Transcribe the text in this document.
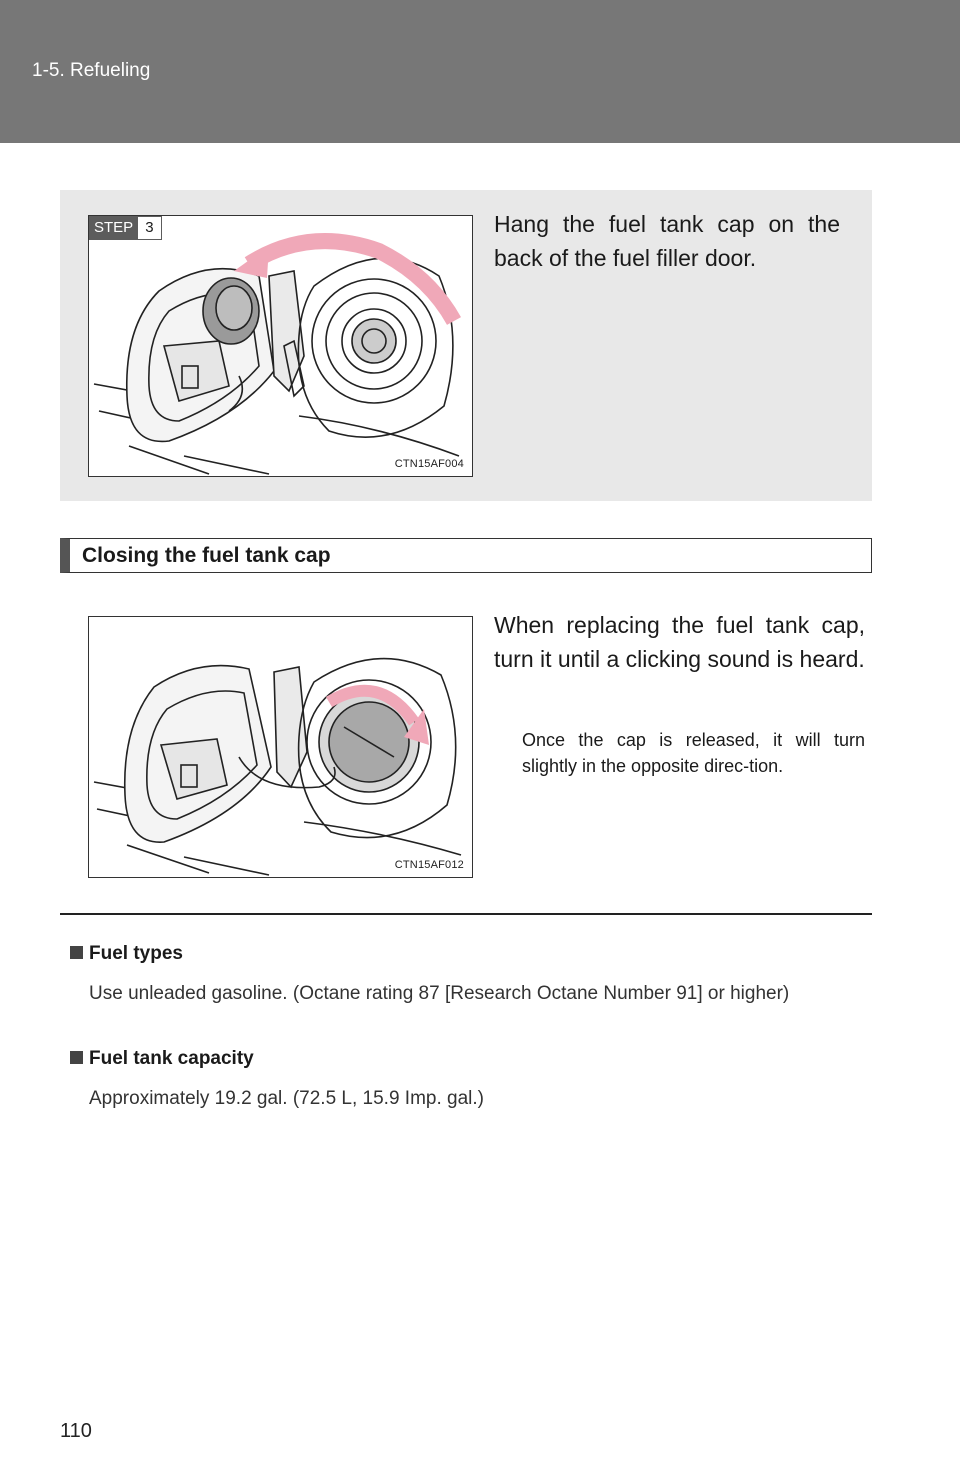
1-5. Refueling
STEP 3
CTN15AF004
Hang the fuel tank cap on the back of the fuel filler door.
Closing the fuel tank cap
CTN15AF012
When replacing the fuel tank cap, turn it until a clicking sound is heard.
Once the cap is released, it will turn slightly in the opposite direc-tion.
Fuel types
Use unleaded gasoline. (Octane rating 87 [Research Octane Number 91] or higher)
Fuel tank capacity
Approximately 19.2 gal. (72.5 L, 15.9 Imp. gal.)
110
